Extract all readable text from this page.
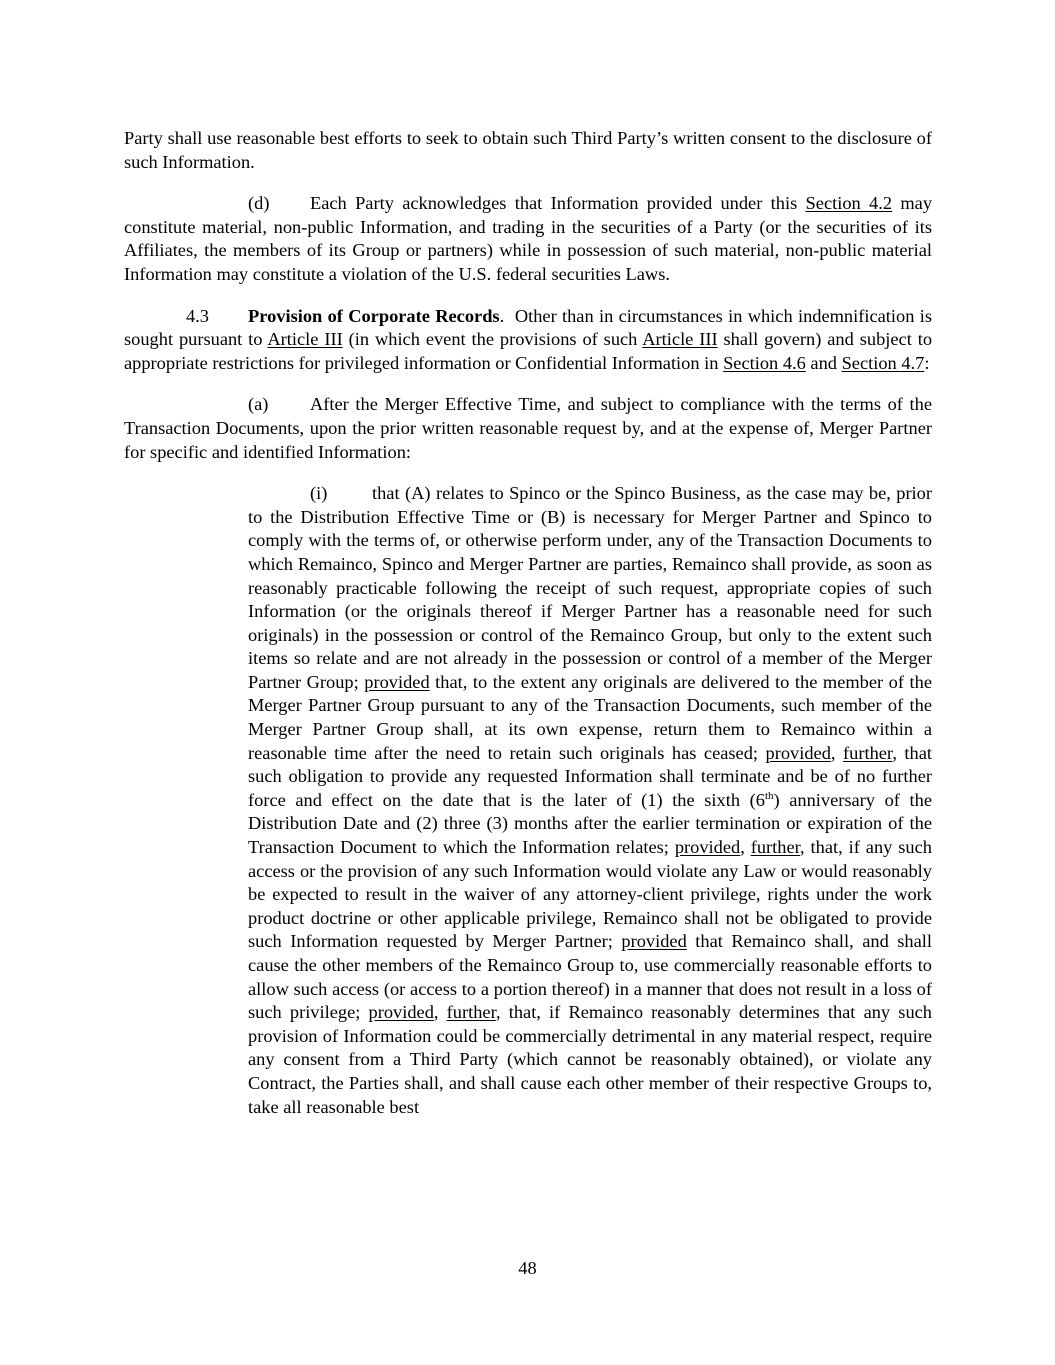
Party shall use reasonable best efforts to seek to obtain such Third Party’s written consent to the disclosure of such Information.

(d) Each Party acknowledges that Information provided under this Section 4.2 may constitute material, non-public Information, and trading in the securities of a Party (or the securities of its Affiliates, the members of its Group or partners) while in possession of such material, non-public material Information may constitute a violation of the U.S. federal securities Laws.

4.3 Provision of Corporate Records.  Other than in circumstances in which indemnification is sought pursuant to Article III (in which event the provisions of such Article III shall govern) and subject to appropriate restrictions for privileged information or Confidential Information in Section 4.6 and Section 4.7:

(a) After the Merger Effective Time, and subject to compliance with the terms of the Transaction Documents, upon the prior written reasonable request by, and at the expense of, Merger Partner for specific and identified Information:

(i) that (A) relates to Spinco or the Spinco Business, as the case may be, prior to the Distribution Effective Time or (B) is necessary for Merger Partner and Spinco to comply with the terms of, or otherwise perform under, any of the Transaction Documents to which Remainco, Spinco and Merger Partner are parties, Remainco shall provide, as soon as reasonably practicable following the receipt of such request, appropriate copies of such Information (or the originals thereof if Merger Partner has a reasonable need for such originals) in the possession or control of the Remainco Group, but only to the extent such items so relate and are not already in the possession or control of a member of the Merger Partner Group; provided that, to the extent any originals are delivered to the member of the Merger Partner Group pursuant to any of the Transaction Documents, such member of the Merger Partner Group shall, at its own expense, return them to Remainco within a reasonable time after the need to retain such originals has ceased; provided, further, that such obligation to provide any requested Information shall terminate and be of no further force and effect on the date that is the later of (1) the sixth (6th) anniversary of the Distribution Date and (2) three (3) months after the earlier termination or expiration of the Transaction Document to which the Information relates; provided, further, that, if any such access or the provision of any such Information would violate any Law or would reasonably be expected to result in the waiver of any attorney-client privilege, rights under the work product doctrine or other applicable privilege, Remainco shall not be obligated to provide such Information requested by Merger Partner; provided that Remainco shall, and shall cause the other members of the Remainco Group to, use commercially reasonable efforts to allow such access (or access to a portion thereof) in a manner that does not result in a loss of such privilege; provided, further, that, if Remainco reasonably determines that any such provision of Information could be commercially detrimental in any material respect, require any consent from a Third Party (which cannot be reasonably obtained), or violate any Contract, the Parties shall, and shall cause each other member of their respective Groups to, take all reasonable best

48
